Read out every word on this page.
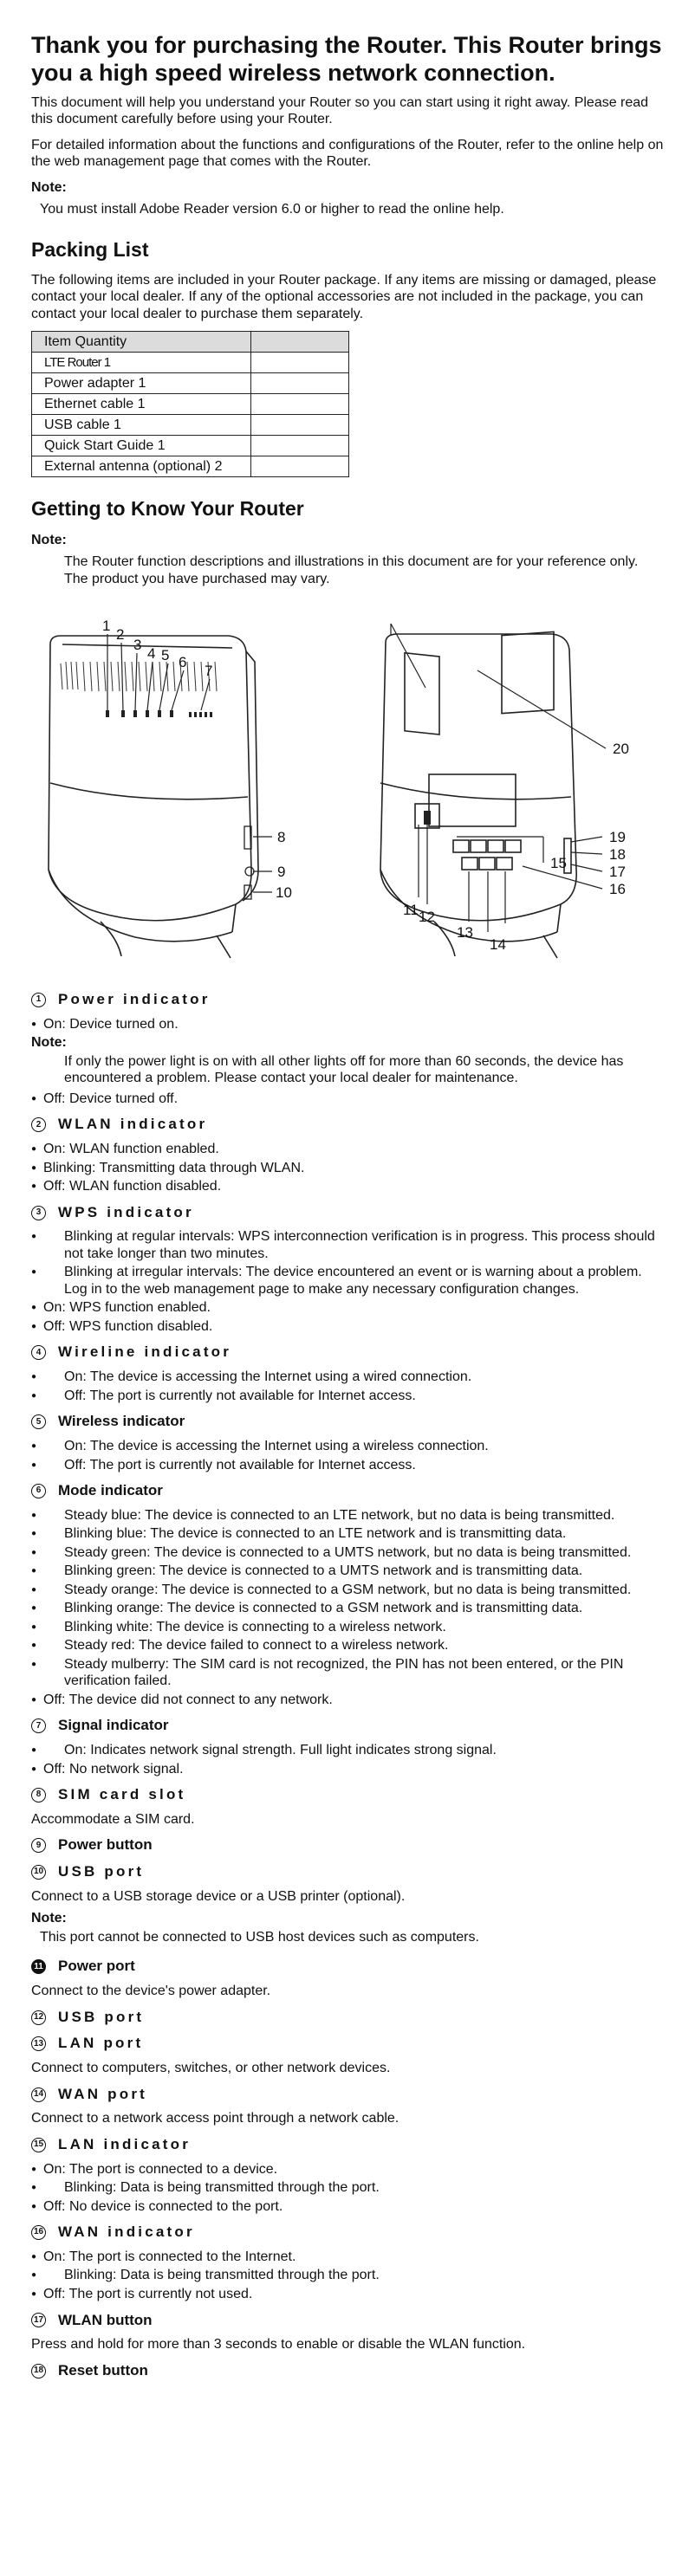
Thank you for purchasing the Router. This Router brings you a high speed wireless network connection.

This document will help you understand your Router so you can start using it right away. Please read this document carefully before using your Router.

For detailed information about the functions and configurations of the Router, refer to the online help on the web management page that comes with the Router.

Note:
You must install Adobe Reader version 6.0 or higher to read the online help.
Packing List

The following items are included in your Router package. If any items are missing or damaged, please contact your local dealer. If any of the optional accessories are not included in the package, you can contact your local dealer to purchase them separately.

Item Quantity	
LTE Router 1	
Power adapter 1	
Ethernet cable 1	
USB cable 1	
Quick Start Guide 1	
External antenna (optional) 2	
Getting to Know Your Router
Note:
The Router function descriptions and illustrations in this document are for your reference only. The product you have purchased may vary.
1
2
3
4 5 6
7
8
9
10
20
19
18
17
16
15
11 12
13
14
1	Power indicator
● On: Device turned on.
Note:
If only the power light is on with all other lights off for more than 60 seconds, the device has encountered a problem. Please contact your local dealer for maintenance.
● Off: Device turned off.
2	WLAN indicator
● On: WLAN function enabled.
● Blinking: Transmitting data through WLAN.
● Off: WLAN function disabled.
3	WPS indicator
● Blinking at regular intervals: WPS interconnection verification is in progress. This process should not take longer than two minutes.
● Blinking at irregular intervals: The device encountered an event or is warning about a problem. Log in to the web management page to make any necessary configuration changes.
● On: WPS function enabled.
● Off: WPS function disabled.
4	Wireline indicator
● On: The device is accessing the Internet using a wired connection.
● Off: The port is currently not available for Internet access.
5	Wireless indicator
● On: The device is accessing the Internet using a wireless connection.
● Off: The port is currently not available for Internet access.
6	Mode indicator
● Steady blue: The device is connected to an LTE network, but no data is being transmitted.
● Blinking blue: The device is connected to an LTE network and is transmitting data.
● Steady green: The device is connected to a UMTS network, but no data is being transmitted.
● Blinking green: The device is connected to a UMTS network and is transmitting data.
● Steady orange: The device is connected to a GSM network, but no data is being transmitted.
● Blinking orange: The device is connected to a GSM network and is transmitting data.
● Blinking white: The device is connecting to a wireless network.
● Steady red: The device failed to connect to a wireless network.
● Steady mulberry: The SIM card is not recognized, the PIN has not been entered, or the PIN verification failed.
● Off: The device did not connect to any network.
7	Signal indicator
● On: Indicates network signal strength. Full light indicates strong signal.
● Off: No network signal.
8	SIM card slot
Accommodate a SIM card.
9	Power button
10 USB port
Connect to a USB storage device or a USB printer (optional).
Note:
This port cannot be connected to USB host devices such as computers.
11 Power port
Connect to the device's power adapter.
12 USB port
13 LAN port
Connect to computers, switches, or other network devices.
14 WAN port
Connect to a network access point through a network cable.
15 LAN indicator
● On: The port is connected to a device.
● Blinking: Data is being transmitted through the port.
● Off: No device is connected to the port.
16 WAN indicator
● On: The port is connected to the Internet.
● Blinking: Data is being transmitted through the port.
● Off: The port is currently not used.
17 WLAN button
Press and hold for more than 3 seconds to enable or disable the WLAN function.
18 Reset button
